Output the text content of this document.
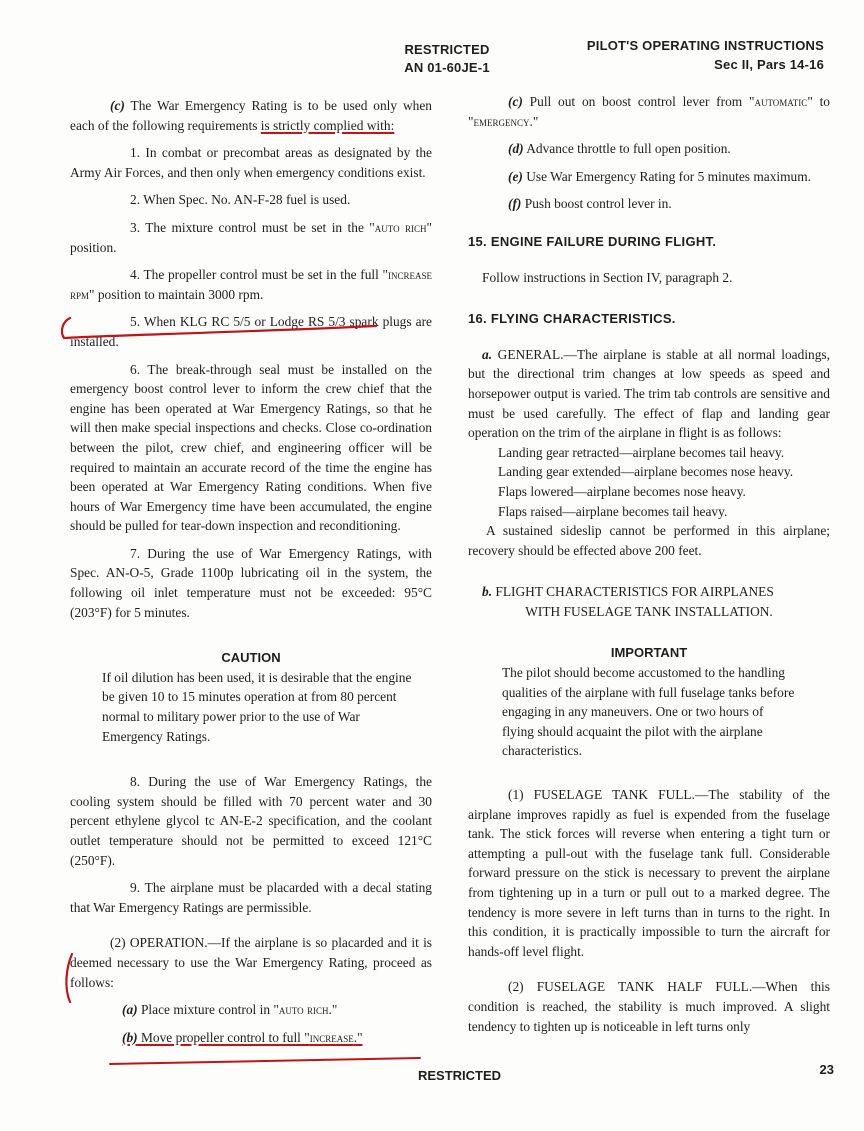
RESTRICTED
AN 01-60JE-1
PILOT'S OPERATING INSTRUCTIONS
Sec II, Pars 14-16

(c) The War Emergency Rating is to be used only when each of the following requirements is strictly complied with:

1. In combat or precombat areas as designated by the Army Air Forces, and then only when emergency conditions exist.

2. When Spec. No. AN-F-28 fuel is used.

3. The mixture control must be set in the "auto rich" position.

4. The propeller control must be set in the full "increase rpm" position to maintain 3000 rpm.

5. When KLG RC 5/5 or Lodge RS 5/3 spark plugs are installed.

6. The break-through seal must be installed on the emergency boost control lever to inform the crew chief that the engine has been operated at War Emergency Ratings, so that he will then make special inspections and checks. Close co-ordination between the pilot, crew chief, and engineering officer will be required to maintain an accurate record of the time the engine has been operated at War Emergency Rating conditions. When five hours of War Emergency time have been accumulated, the engine should be pulled for tear-down inspection and reconditioning.

7. During the use of War Emergency Ratings, with Spec. AN-O-5, Grade 1100p lubricating oil in the system, the following oil inlet temperature must not be exceeded: 95°C (203°F) for 5 minutes.

CAUTION

If oil dilution has been used, it is desirable that the engine be given 10 to 15 minutes operation at from 80 percent normal to military power prior to the use of War Emergency Ratings.

8. During the use of War Emergency Ratings, the cooling system should be filled with 70 percent water and 30 percent ethylene glycol tc AN-E-2 specification, and the coolant outlet temperature should not be permitted to exceed 121°C (250°F).

9. The airplane must be placarded with a decal stating that War Emergency Ratings are permissible.

(2) OPERATION.—If the airplane is so placarded and it is deemed necessary to use the War Emergency Rating, proceed as follows:

(a) Place mixture control in "auto rich."

(b) Move propeller control to full "increase."

(c) Pull out on boost control lever from "automatic" to "emergency."

(d) Advance throttle to full open position.

(e) Use War Emergency Rating for 5 minutes maximum.

(f) Push boost control lever in.

15. ENGINE FAILURE DURING FLIGHT.

Follow instructions in Section IV, paragraph 2.

16. FLYING CHARACTERISTICS.

a. GENERAL.—The airplane is stable at all normal loadings, but the directional trim changes at low speeds as speed and horsepower output is varied. The trim tab controls are sensitive and must be used carefully. The effect of flap and landing gear operation on the trim of the airplane in flight is as follows:

Landing gear retracted—airplane becomes tail heavy.

Landing gear extended—airplane becomes nose heavy.

Flaps lowered—airplane becomes nose heavy.

Flaps raised—airplane becomes tail heavy.

A sustained sideslip cannot be performed in this airplane; recovery should be effected above 200 feet.

b. FLIGHT CHARACTERISTICS FOR AIRPLANES

WITH FUSELAGE TANK INSTALLATION.

IMPORTANT

The pilot should become accustomed to the handling qualities of the airplane with full fuselage tanks before engaging in any maneuvers. One or two hours of flying should acquaint the pilot with the airplane characteristics.

(1) FUSELAGE TANK FULL.—The stability of the airplane improves rapidly as fuel is expended from the fuselage tank. The stick forces will reverse when entering a tight turn or attempting a pull-out with the fuselage tank full. Considerable forward pressure on the stick is necessary to prevent the airplane from tightening up in a turn or pull out to a marked degree. The tendency is more severe in left turns than in turns to the right. In this condition, it is practically impossible to turn the aircraft for hands-off level flight.

(2) FUSELAGE TANK HALF FULL.—When this condition is reached, the stability is much improved. A slight tendency to tighten up is noticeable in left turns only

RESTRICTED	23
